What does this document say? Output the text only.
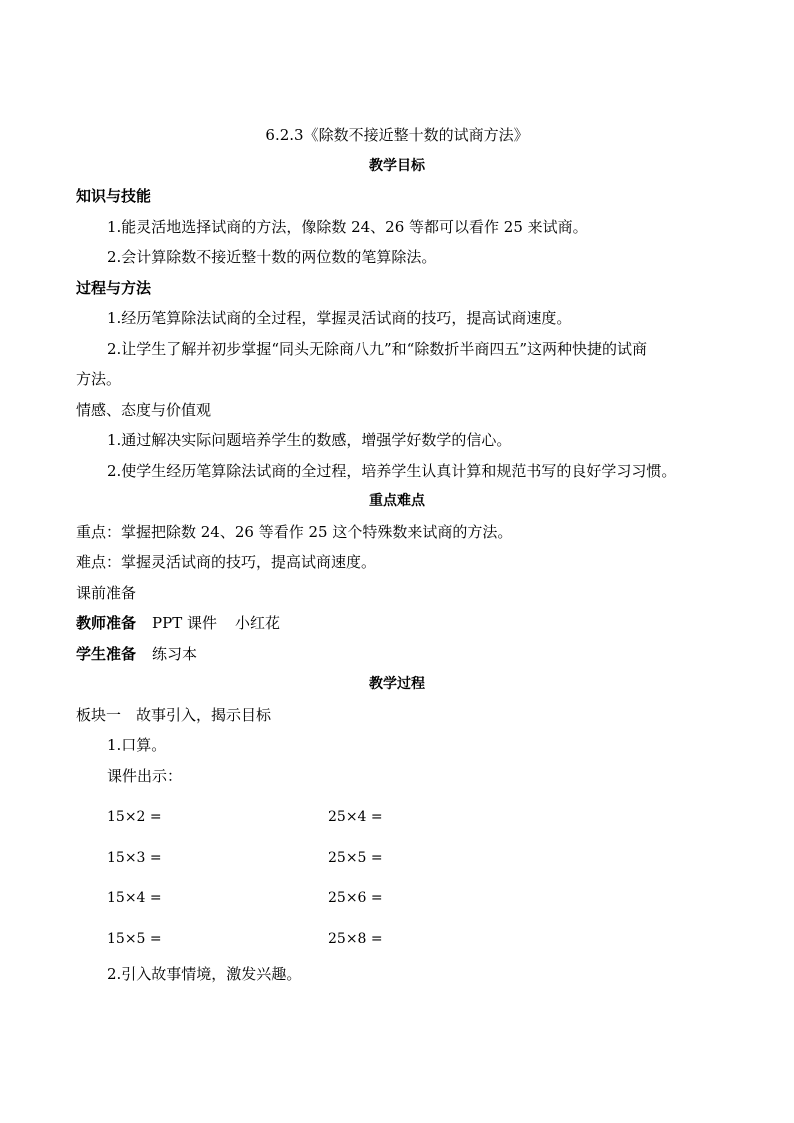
6.2.3《除数不接近整十数的试商方法》
教学目标
知识与技能
1.能灵活地选择试商的方法，像除数 24、26 等都可以看作 25 来试商。
2.会计算除数不接近整十数的两位数的笔算除法。
过程与方法
1.经历笔算除法试商的全过程，掌握灵活试商的技巧，提高试商速度。
2.让学生了解并初步掌握“同头无除商八九”和“除数折半商四五”这两种快捷的试商
方法。
情感、态度与价值观
1.通过解决实际问题培养学生的数感，增强学好数学的信心。
2.使学生经历笔算除法试商的全过程，培养学生认真计算和规范书写的良好学习习惯。
重点难点
重点：掌握把除数 24、26 等看作 25 这个特殊数来试商的方法。
难点：掌握灵活试商的技巧，提高试商速度。
课前准备
教师准备 PPT 课件 小红花
学生准备 练习本
教学过程
板块一　故事引入，揭示目标
1.口算。
课件出示：
15×2 =	25×4 =
15×3 =	25×5 =
15×4 =	25×6 =
15×5 =	25×8 =
2.引入故事情境，激发兴趣。
